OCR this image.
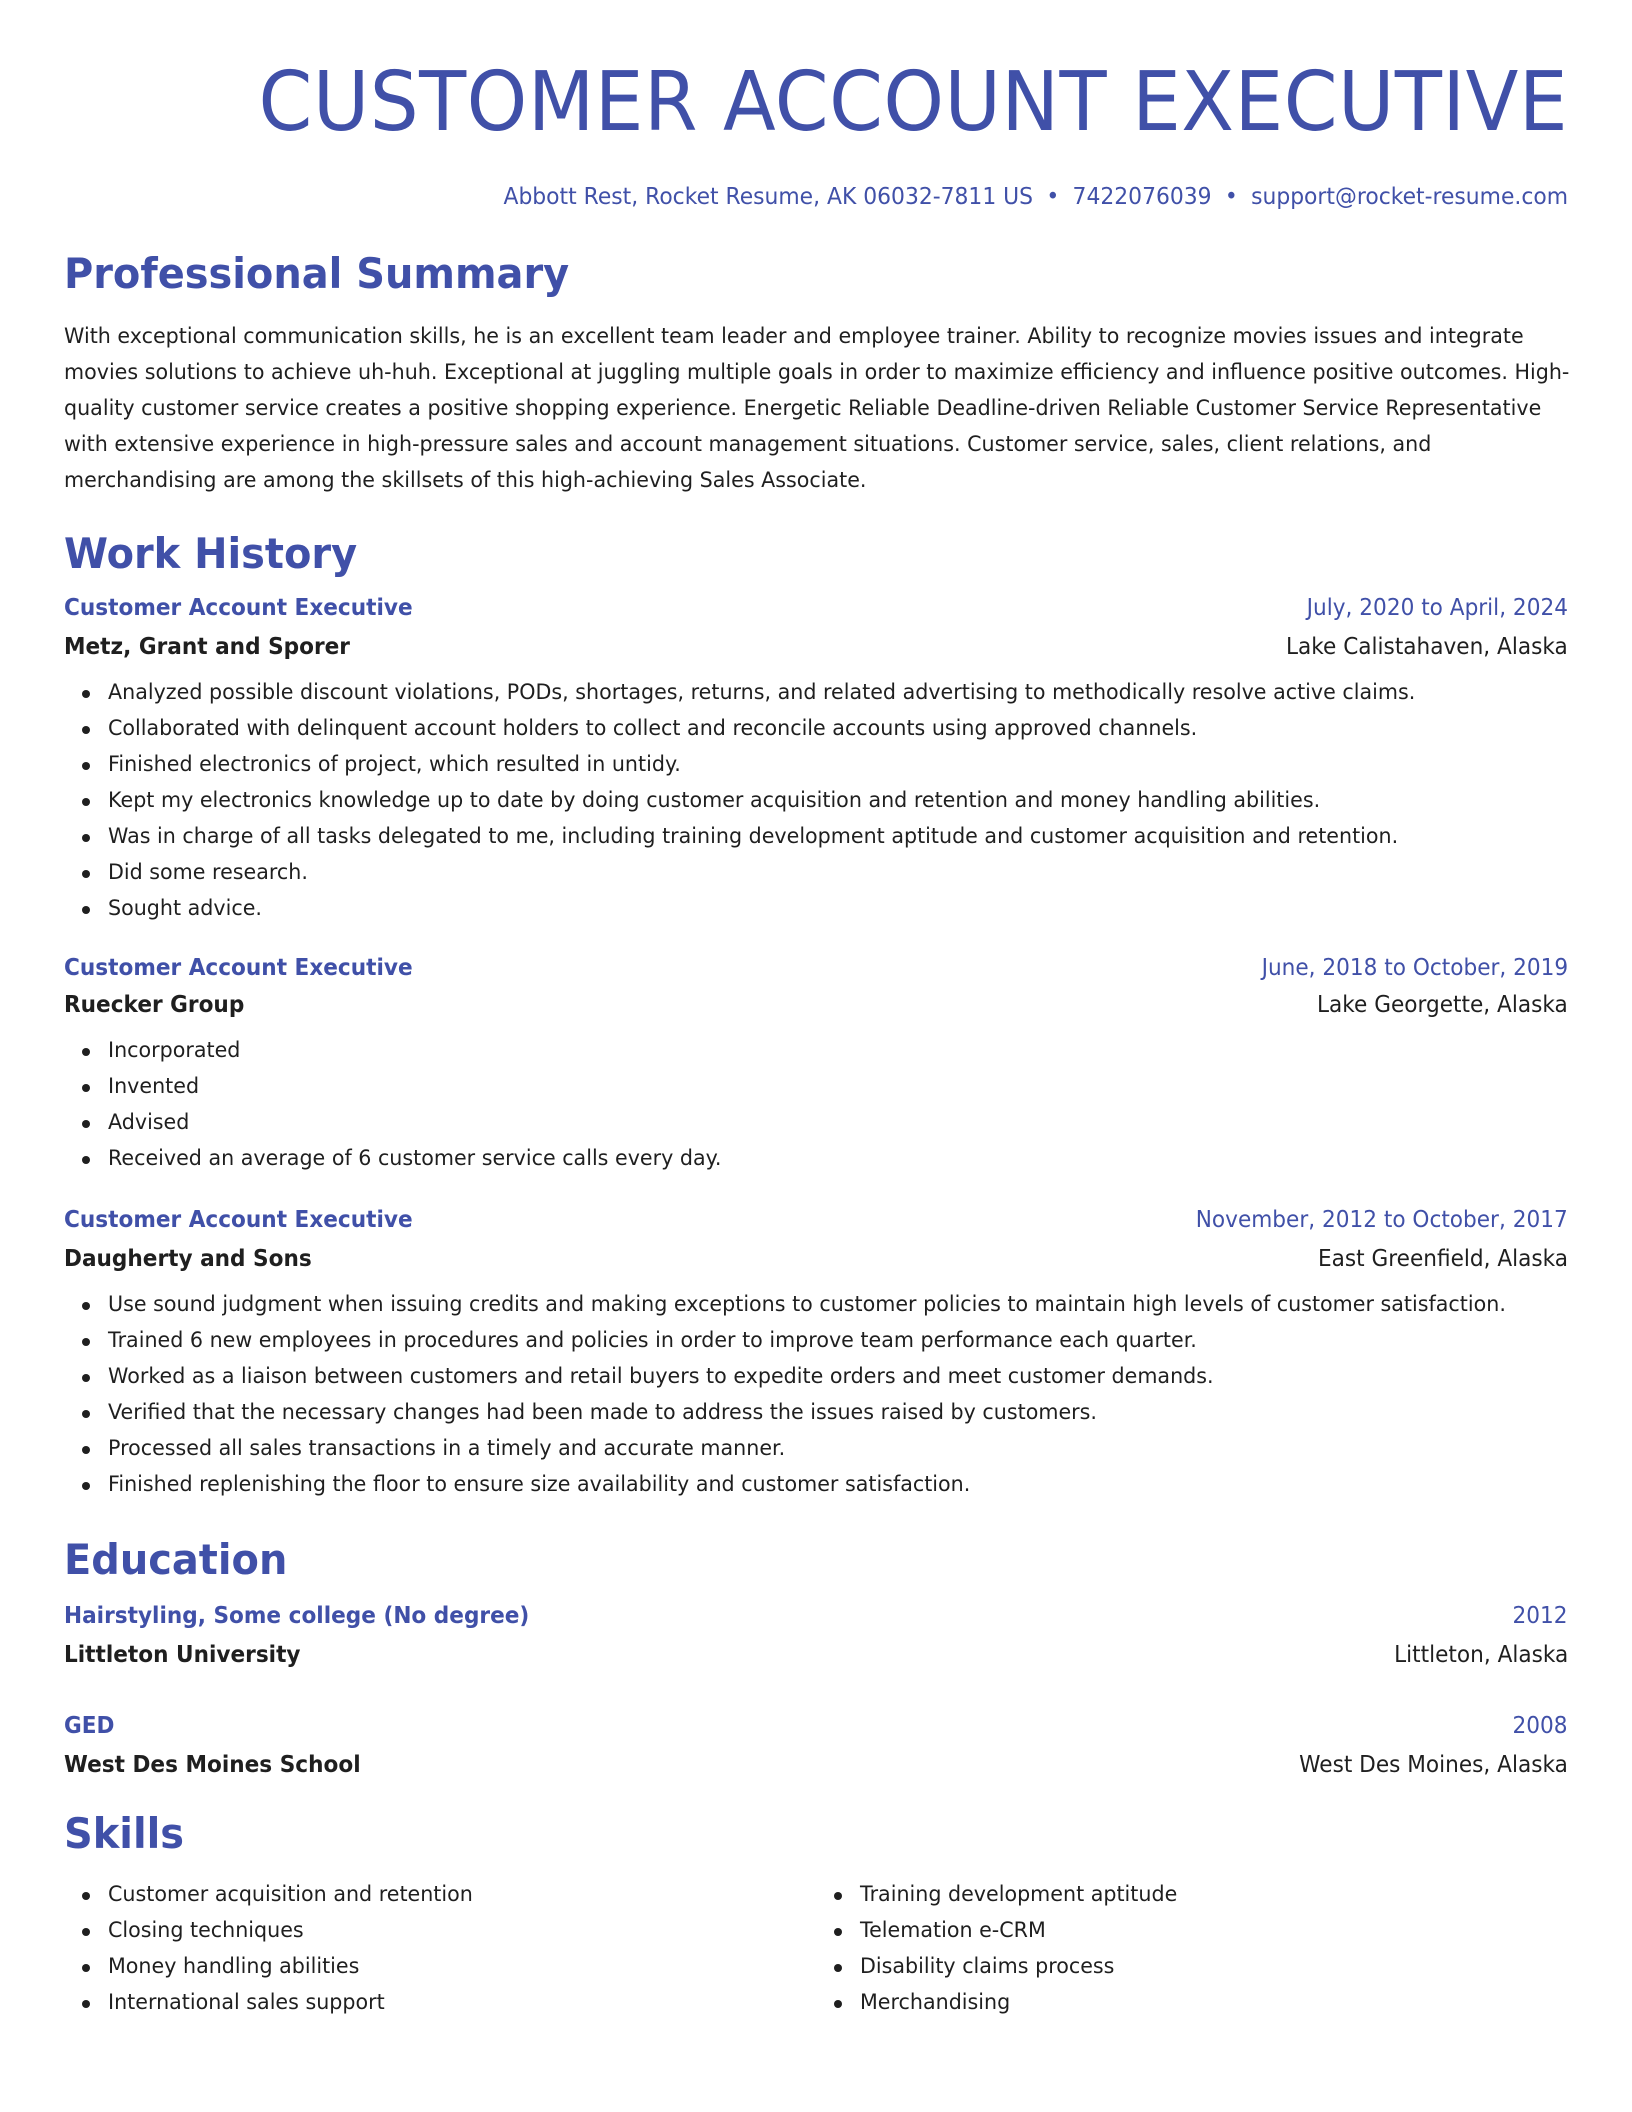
CUSTOMER ACCOUNT EXECUTIVE
Abbott Rest, Rocket Resume, AK 06032-7811 US • 7422076039 • support@rocket-resume.com
Professional Summary

With exceptional communication skills, he is an excellent team leader and employee trainer. Ability to recognize movies issues and integrate movies solutions to achieve uh-huh. Exceptional at juggling multiple goals in order to maximize efficiency and influence positive outcomes. High-quality customer service creates a positive shopping experience. Energetic Reliable Deadline-driven Reliable Customer Service Representative with extensive experience in high-pressure sales and account management situations. Customer service, sales, client relations, and merchandising are among the skillsets of this high-achieving Sales Associate.

Work History
Customer Account Executive	July, 2020 to April, 2024
Metz, Grant and Sporer	Lake Calistahaven, Alaska
Analyzed possible discount violations, PODs, shortages, returns, and related advertising to methodically resolve active claims.
Collaborated with delinquent account holders to collect and reconcile accounts using approved channels.
Finished electronics of project, which resulted in untidy.
Kept my electronics knowledge up to date by doing customer acquisition and retention and money handling abilities.
Was in charge of all tasks delegated to me, including training development aptitude and customer acquisition and retention.
Did some research.
Sought advice.
Customer Account Executive	June, 2018 to October, 2019
Ruecker Group	Lake Georgette, Alaska
Incorporated
Invented
Advised
Received an average of 6 customer service calls every day.
Customer Account Executive	November, 2012 to October, 2017
Daugherty and Sons	East Greenfield, Alaska
Use sound judgment when issuing credits and making exceptions to customer policies to maintain high levels of customer satisfaction.
Trained 6 new employees in procedures and policies in order to improve team performance each quarter.
Worked as a liaison between customers and retail buyers to expedite orders and meet customer demands.
Verified that the necessary changes had been made to address the issues raised by customers.
Processed all sales transactions in a timely and accurate manner.
Finished replenishing the floor to ensure size availability and customer satisfaction.
Education
Hairstyling, Some college (No degree)	2012
Littleton University	Littleton, Alaska
GED	2008
West Des Moines School	West Des Moines, Alaska
Skills
Customer acquisition and retention
Closing techniques
Money handling abilities
International sales support
Training development aptitude
Telemation e-CRM
Disability claims process
Merchandising
